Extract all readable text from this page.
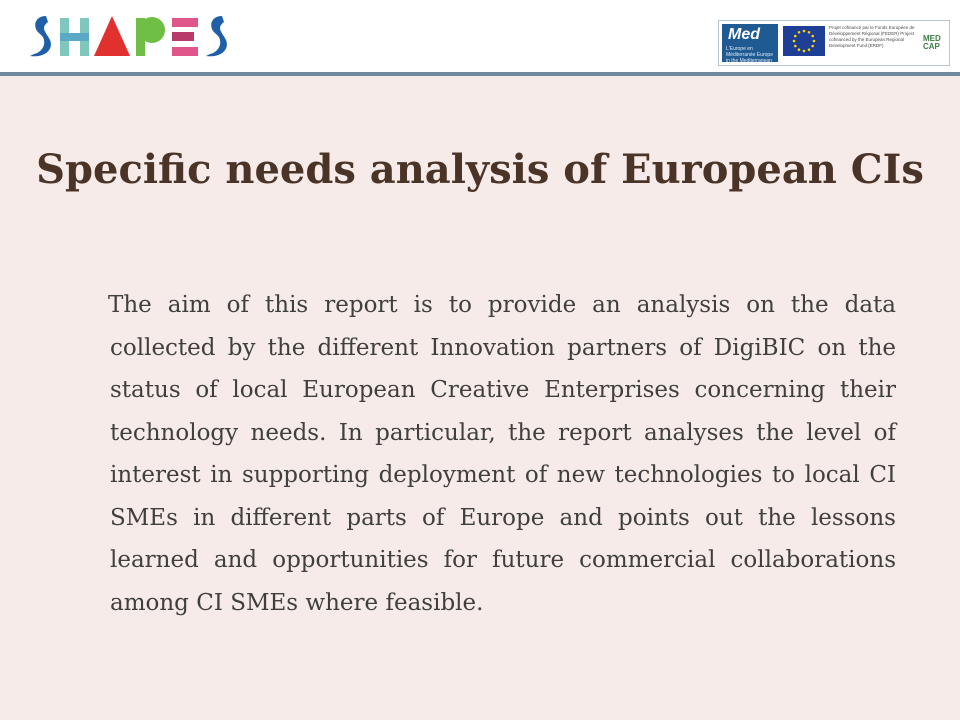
Med
L'Europe en Méditerranée Europe in the Mediterranean
Projet cofinancé par le Fonds Européen de Développement Régional (FEDER) Project cofinanced by the European Regional Development Fund (ERDF)
MED CAP
Specific needs analysis of European CIs

The aim of this report is to provide an analysis on the data collected by the different Innovation partners of DigiBIC on the status of local European Creative Enterprises concerning their technology needs. In particular, the report analyses the level of interest in supporting deployment of new technologies to local CI SMEs in different parts of Europe and points out the lessons learned and opportunities for future commercial collaborations among CI SMEs where feasible.
